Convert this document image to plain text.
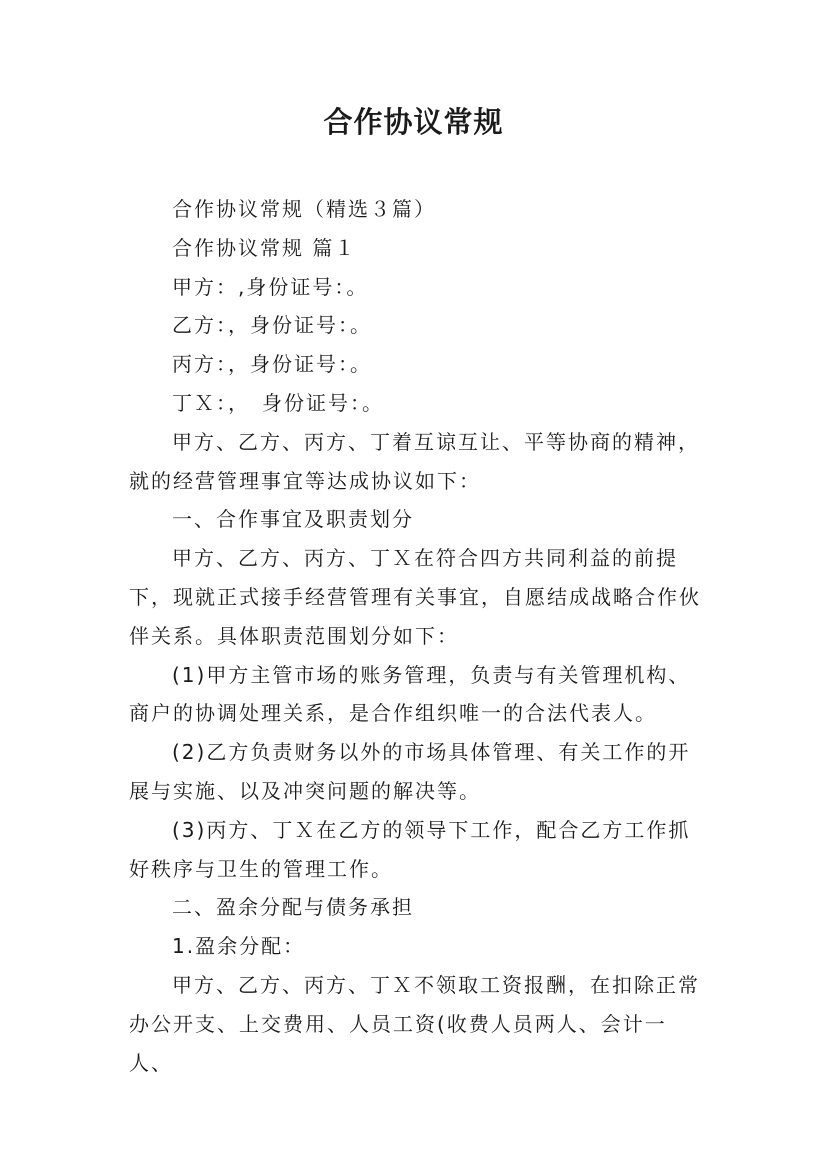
合作协议常规

合作协议常规（精选３篇）

合作协议常规 篇１

甲方：,身份证号：。

乙方：，身份证号：。

丙方：，身份证号：。

丁Ｘ：，　身份证号：。

甲方、乙方、丙方、丁着互谅互让、平等协商的精神，就的经营管理事宜等达成协议如下：

一、合作事宜及职责划分

甲方、乙方、丙方、丁Ｘ在符合四方共同利益的前提下，现就正式接手经营管理有关事宜，自愿结成战略合作伙伴关系。具体职责范围划分如下：

(1)甲方主管市场的账务管理，负责与有关管理机构、商户的协调处理关系，是合作组织唯一的合法代表人。

(2)乙方负责财务以外的市场具体管理、有关工作的开展与实施、以及冲突问题的解决等。

(3)丙方、丁Ｘ在乙方的领导下工作，配合乙方工作抓好秩序与卫生的管理工作。

二、盈余分配与债务承担

1.盈余分配：

甲方、乙方、丙方、丁Ｘ不领取工资报酬，在扣除正常办公开支、上交费用、人员工资(收费人员两人、会计一人、
